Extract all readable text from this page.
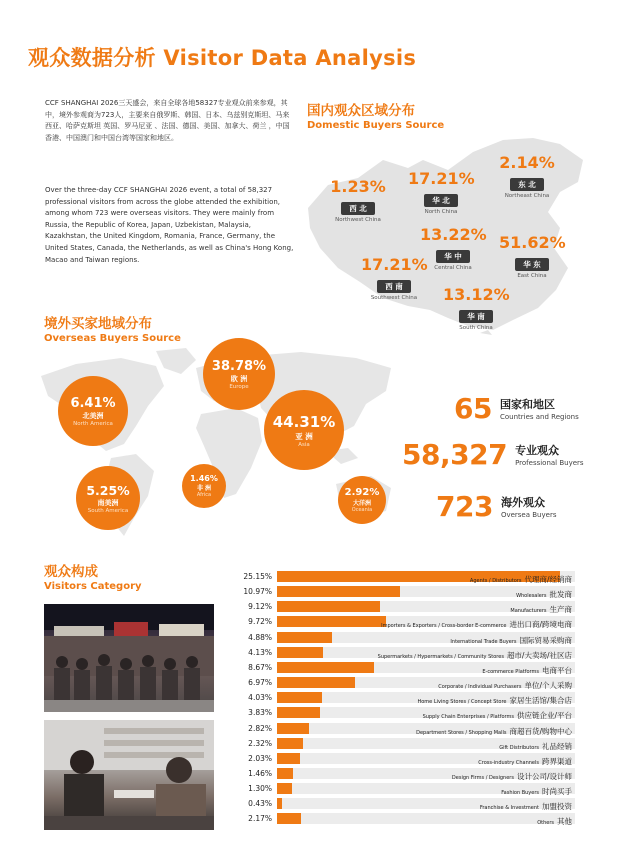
观众数据分析 Visitor Data Analysis
CCF SHANGHAI 2026三天盛会，来自全球各地58327专业观众前来参观，其中，境外参观商为723人，主要来自俄罗斯、韩国、日本、乌兹别克斯坦、马来西亚、哈萨克斯坦 英国、罗马尼亚 、法国、德国、美国、加拿大、荷兰 ，中国香港、中国澳门和中国台湾等国家和地区。
Over the three-day CCF SHANGHAI 2026 event, a total of 58,327 professional visitors from across the globe attended the exhibition, among whom 723 were overseas visitors. They were mainly from Russia, the Republic of Korea, Japan, Uzbekistan, Malaysia, Kazakhstan, the United Kingdom, Romania, France, Germany, the United States, Canada, the Netherlands, as well as China's Hong Kong, Macao and Taiwan regions.
国内观众区域分布
Domestic Buyers Source
1.23%
西 北
Northwest China
17.21%
华 北
North China
2.14%
东 北
Northeast China
13.22%
华 中
Central China
51.62%
华 东
East China
17.21%
西 南
Southwest China	13.12%
华 南
South China
境外买家地域分布
Overseas Buyers Source
6.41%
北美洲
North America
38.78%
欧 洲
Europe
44.31%
亚 洲
Asia
5.25%
南美洲
South America
1.46%
非 洲
Africa	2.92%
大洋洲
Oceania
65 国家和地区
Countries and Regions
58,327 专业观众
Professional Buyers
723 海外观众
Oversea Buyers
观众构成
Visitors Category
25.15%	Agents / Distributors 代理商/经销商
10.97%	Wholesalers 批发商
9.12%	Manufacturers 生产商
9.72%	Importers & Exporters / Cross-border E-commerce 进出口商/跨境电商
4.88%	International Trade Buyers 国际贸易采购商
4.13%	Supermarkets / Hypermarkets / Community Stores 超市/大卖场/社区店
8.67%	E-commerce Platforms 电商平台
6.97%	Corporate / Individual Purchasers 单位/个人采购
4.03%	Home Living Stores / Concept Store 家居生活馆/集合店
3.83%	Supply Chain Enterprises / Platforms 供应链企业/平台
2.82%	Department Stores / Shopping Malls 商超百货/购物中心
2.32%	Gift Distributors 礼品经销
2.03%	Cross-industry Channels 跨界渠道
1.46%	Design Firms / Designers 设计公司/设计师
1.30%	Fashion Buyers 时尚买手
0.43%	Franchise & Investment 加盟投资
2.17%	Others 其他
